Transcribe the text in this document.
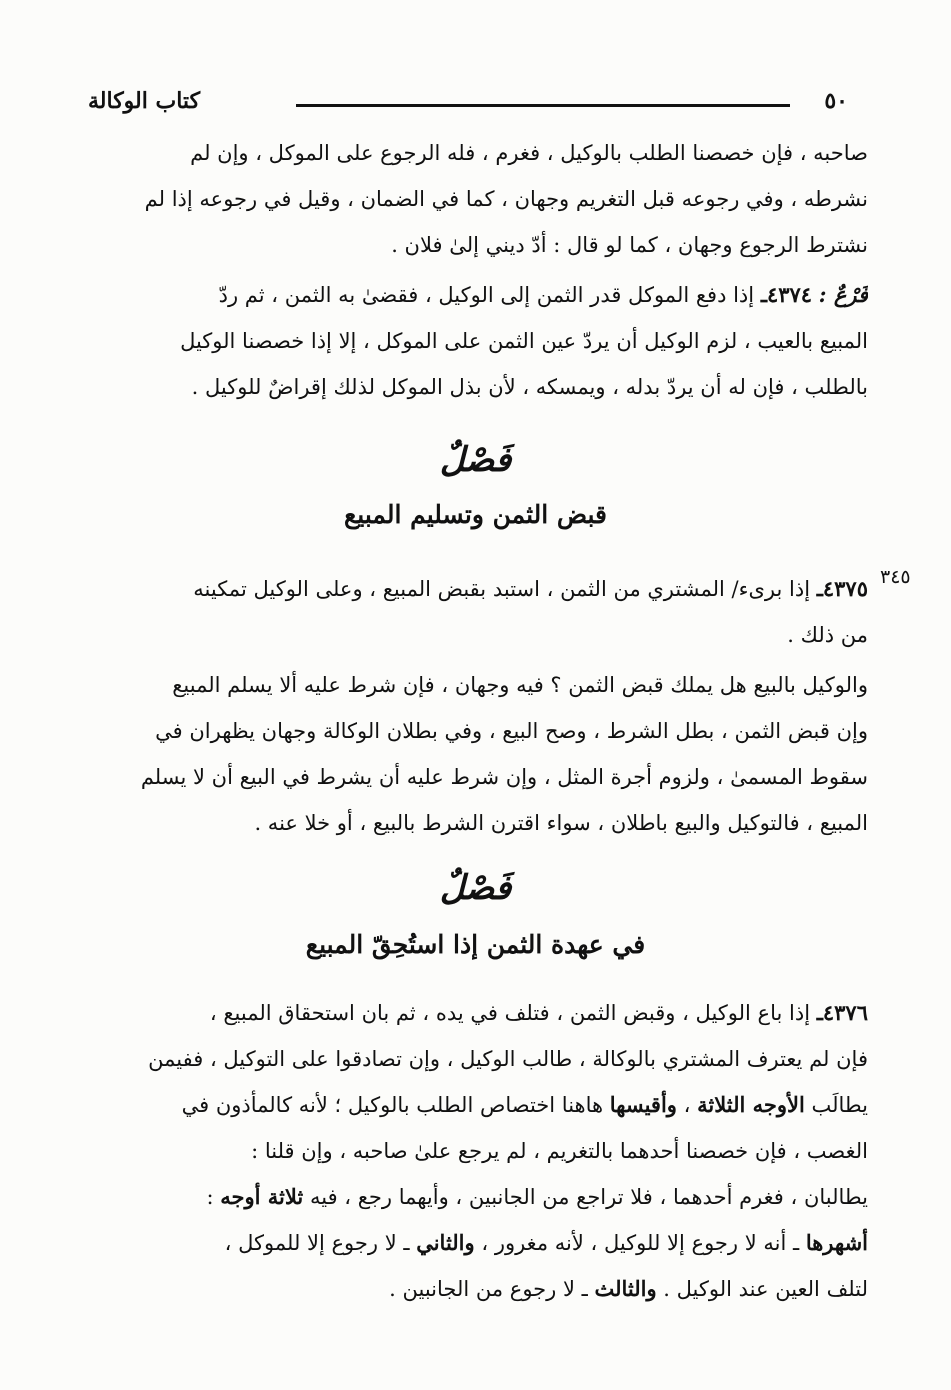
٥٠
كتاب الوكالة

صاحبه ، فإن خصصنا الطلب بالوكيل ، فغرم ، فله الرجوع على الموكل ، وإن لم
نشرطه ، وفي رجوعه قبل التغريم وجهان ، كما في الضمان ، وقيل في رجوعه إذا لم
نشترط الرجوع وجهان ، كما لو قال : أدّ ديني إلىٰ فلان .

فَرْعٌ : ٤٣٧٤ـ إذا دفع الموكل قدر الثمن إلى الوكيل ، فقضىٰ به الثمن ، ثم ردّ
المبيع بالعيب ، لزم الوكيل أن يردّ عين الثمن على الموكل ، إلا إذا خصصنا الوكيل
بالطلب ، فإن له أن يردّ بدله ، ويمسكه ، لأن بذل الموكل لذلك إقراضٌ للوكيل .

فَصْلٌ
قبض الثمن وتسليم المبيع
٣٤٥

٤٣٧٥ـ إذا برىء/ المشتري من الثمن ، استبد بقبض المبيع ، وعلى الوكيل تمكينه
من ذلك .

والوكيل بالبيع هل يملك قبض الثمن ؟ فيه وجهان ، فإن شرط عليه ألا يسلم المبيع
وإن قبض الثمن ، بطل الشرط ، وصح البيع ، وفي بطلان الوكالة وجهان يظهران في
سقوط المسمىٰ ، ولزوم أجرة المثل ، وإن شرط عليه أن يشرط في البيع أن لا يسلم
المبيع ، فالتوكيل والبيع باطلان ، سواء اقترن الشرط بالبيع ، أو خلا عنه .

فَصْلٌ
في عهدة الثمن إذا استُحِقّ المبيع

٤٣٧٦ـ إذا باع الوكيل ، وقبض الثمن ، فتلف في يده ، ثم بان استحقاق المبيع ،
فإن لم يعترف المشتري بالوكالة ، طالب الوكيل ، وإن تصادقوا على التوكيل ، ففيمن
يطالَب الأوجه الثلاثة ، وأقيسها هاهنا اختصاص الطلب بالوكيل ؛ لأنه كالمأذون في
الغصب ، فإن خصصنا أحدهما بالتغريم ، لم يرجع علىٰ صاحبه ، وإن قلنا :
يطالبان ، فغرم أحدهما ، فلا تراجع من الجانبين ، وأيهما رجع ، فيه ثلاثة أوجه :
أشهرها ـ أنه لا رجوع إلا للوكيل ، لأنه مغرور ، والثاني ـ لا رجوع إلا للموكل ،
لتلف العين عند الوكيل . والثالث ـ لا رجوع من الجانبين .
